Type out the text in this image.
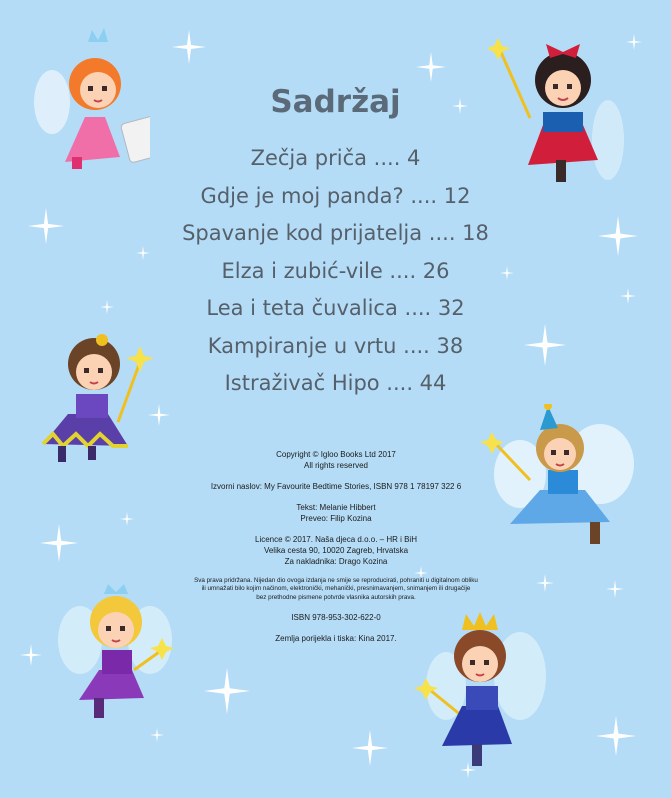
Sadržaj
Zečja priča .... 4
Gdje je moj panda? .... 12
Spavanje kod prijatelja .... 18
Elza i zubić-vile .... 26
Lea i teta čuvalica .... 32
Kampiranje u vrtu .... 38
Istraživač Hipo .... 44

Copyright © Igloo Books Ltd 2017

All rights reserved

Izvorni naslov: My Favourite Bedtime Stories, ISBN 978 1 78197 322 6

Tekst: Melanie Hibbert

Prevео: Filip Kozina

Licence © 2017. Naša djeca d.o.o. – HR i BiH

Velika cesta 90, 10020 Zagreb, Hrvatska

Za nakladnika: Drago Kozina

Sva prava pridržana. Nijedan dio ovoga izdanja ne smije se reproducirati, pohraniti u digitalnom obliku

ili umnažati bilo kojim načinom, elektronički, mehanički, presnimavanjem, snimanjem ili drugačije

bez prethodne pismene potvrde vlasnika autorskih prava.

ISBN 978-953-302-622-0

Zemlja porijekla i tiska: Kina 2017.
